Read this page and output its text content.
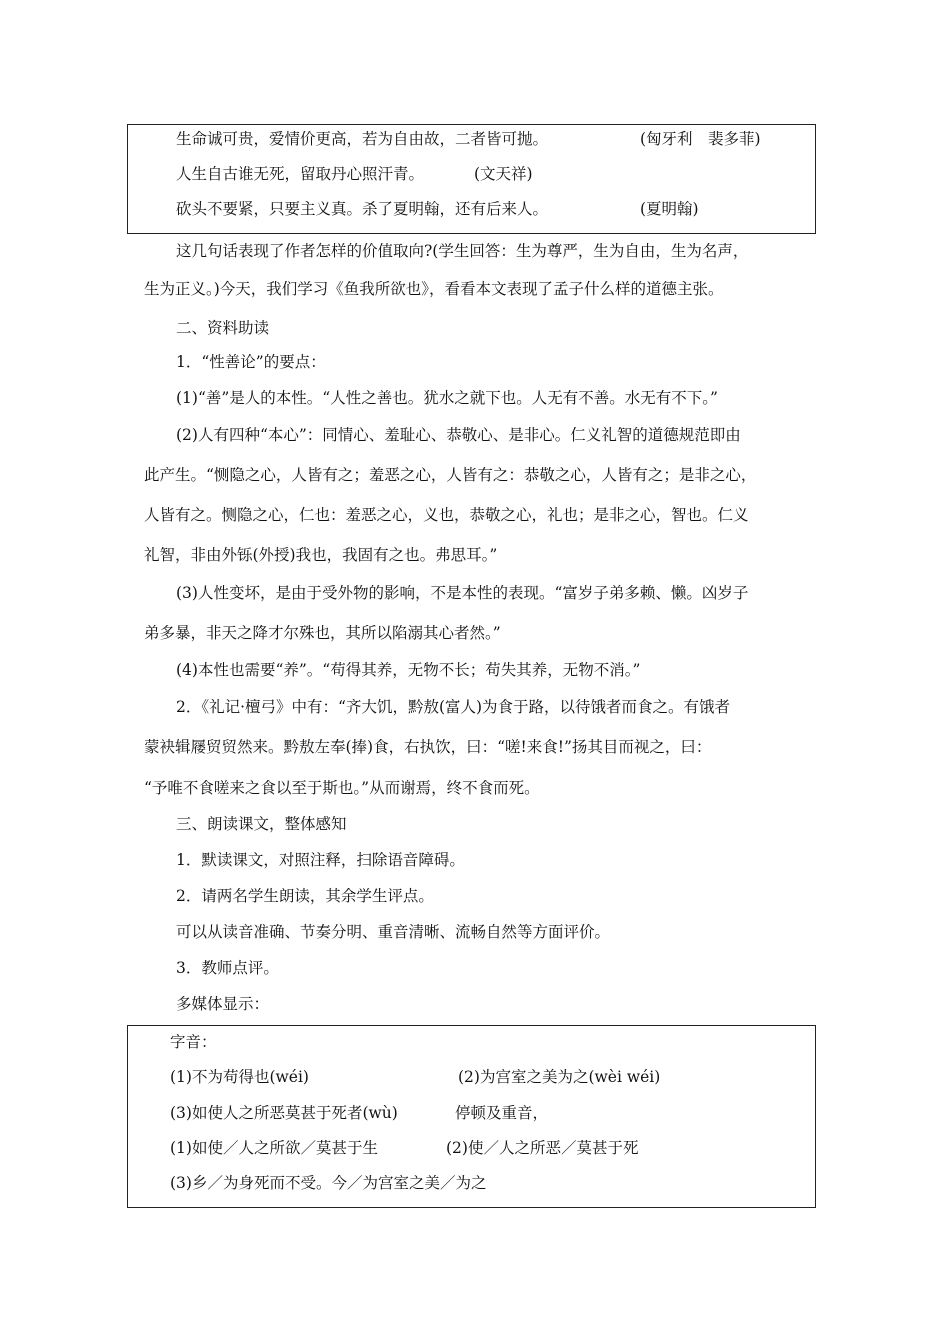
生命诚可贵，爱情价更高，若为自由故，二者皆可抛。	(匈牙利　裴多菲)
人生自古谁无死，留取丹心照汗青。	(文天祥)
砍头不要紧，只要主义真。杀了夏明翰，还有后来人。	(夏明翰)
这几句话表现了作者怎样的价值取向?(学生回答：生为尊严，生为自由，生为名声，
生为正义。)今天，我们学习《鱼我所欲也》，看看本文表现了孟子什么样的道德主张。
二、资料助读
1．“性善论”的要点：
(1)“善”是人的本性。“人性之善也。犹水之就下也。人无有不善。水无有不下。”
(2)人有四种“本心”：同情心、羞耻心、恭敬心、是非心。仁义礼智的道德规范即由
此产生。“恻隐之心，人皆有之；羞恶之心，人皆有之：恭敬之心，人皆有之；是非之心，
人皆有之。恻隐之心，仁也：羞恶之心，义也，恭敬之心，礼也；是非之心，智也。仁义
礼智，非由外铄(外授)我也，我固有之也。弗思耳。”
(3)人性变坏，是由于受外物的影响，不是本性的表现。“富岁子弟多赖、懒。凶岁子
弟多暴，非天之降才尔殊也，其所以陷溺其心者然。”
(4)本性也需要“养”。“苟得其养，无物不长；苟失其养，无物不消。”
2．《礼记·檀弓》中有：“齐大饥，黔敖(富人)为食于路，以待饿者而食之。有饿者
蒙袂辑屦贸贸然来。黔敖左奉(捧)食，右执饮，曰：“嗟!来食!”扬其目而视之，曰：
“予唯不食嗟来之食以至于斯也。”从而谢焉，终不食而死。
三、朗读课文，整体感知
1．默读课文，对照注释，扫除语音障碍。
2．请两名学生朗读，其余学生评点。
可以从读音准确、节奏分明、重音清晰、流畅自然等方面评价。
3．教师点评。
多媒体显示：
字音：
(1)不为苟得也(wéi)	(2)为宫室之美为之(wèi wéi)
(3)如使人之所恶莫甚于死者(wù)	停顿及重音，
(1)如使／人之所欲／莫甚于生	(2)使／人之所恶／莫甚于死
(3)乡／为身死而不受。今／为宫室之美／为之
